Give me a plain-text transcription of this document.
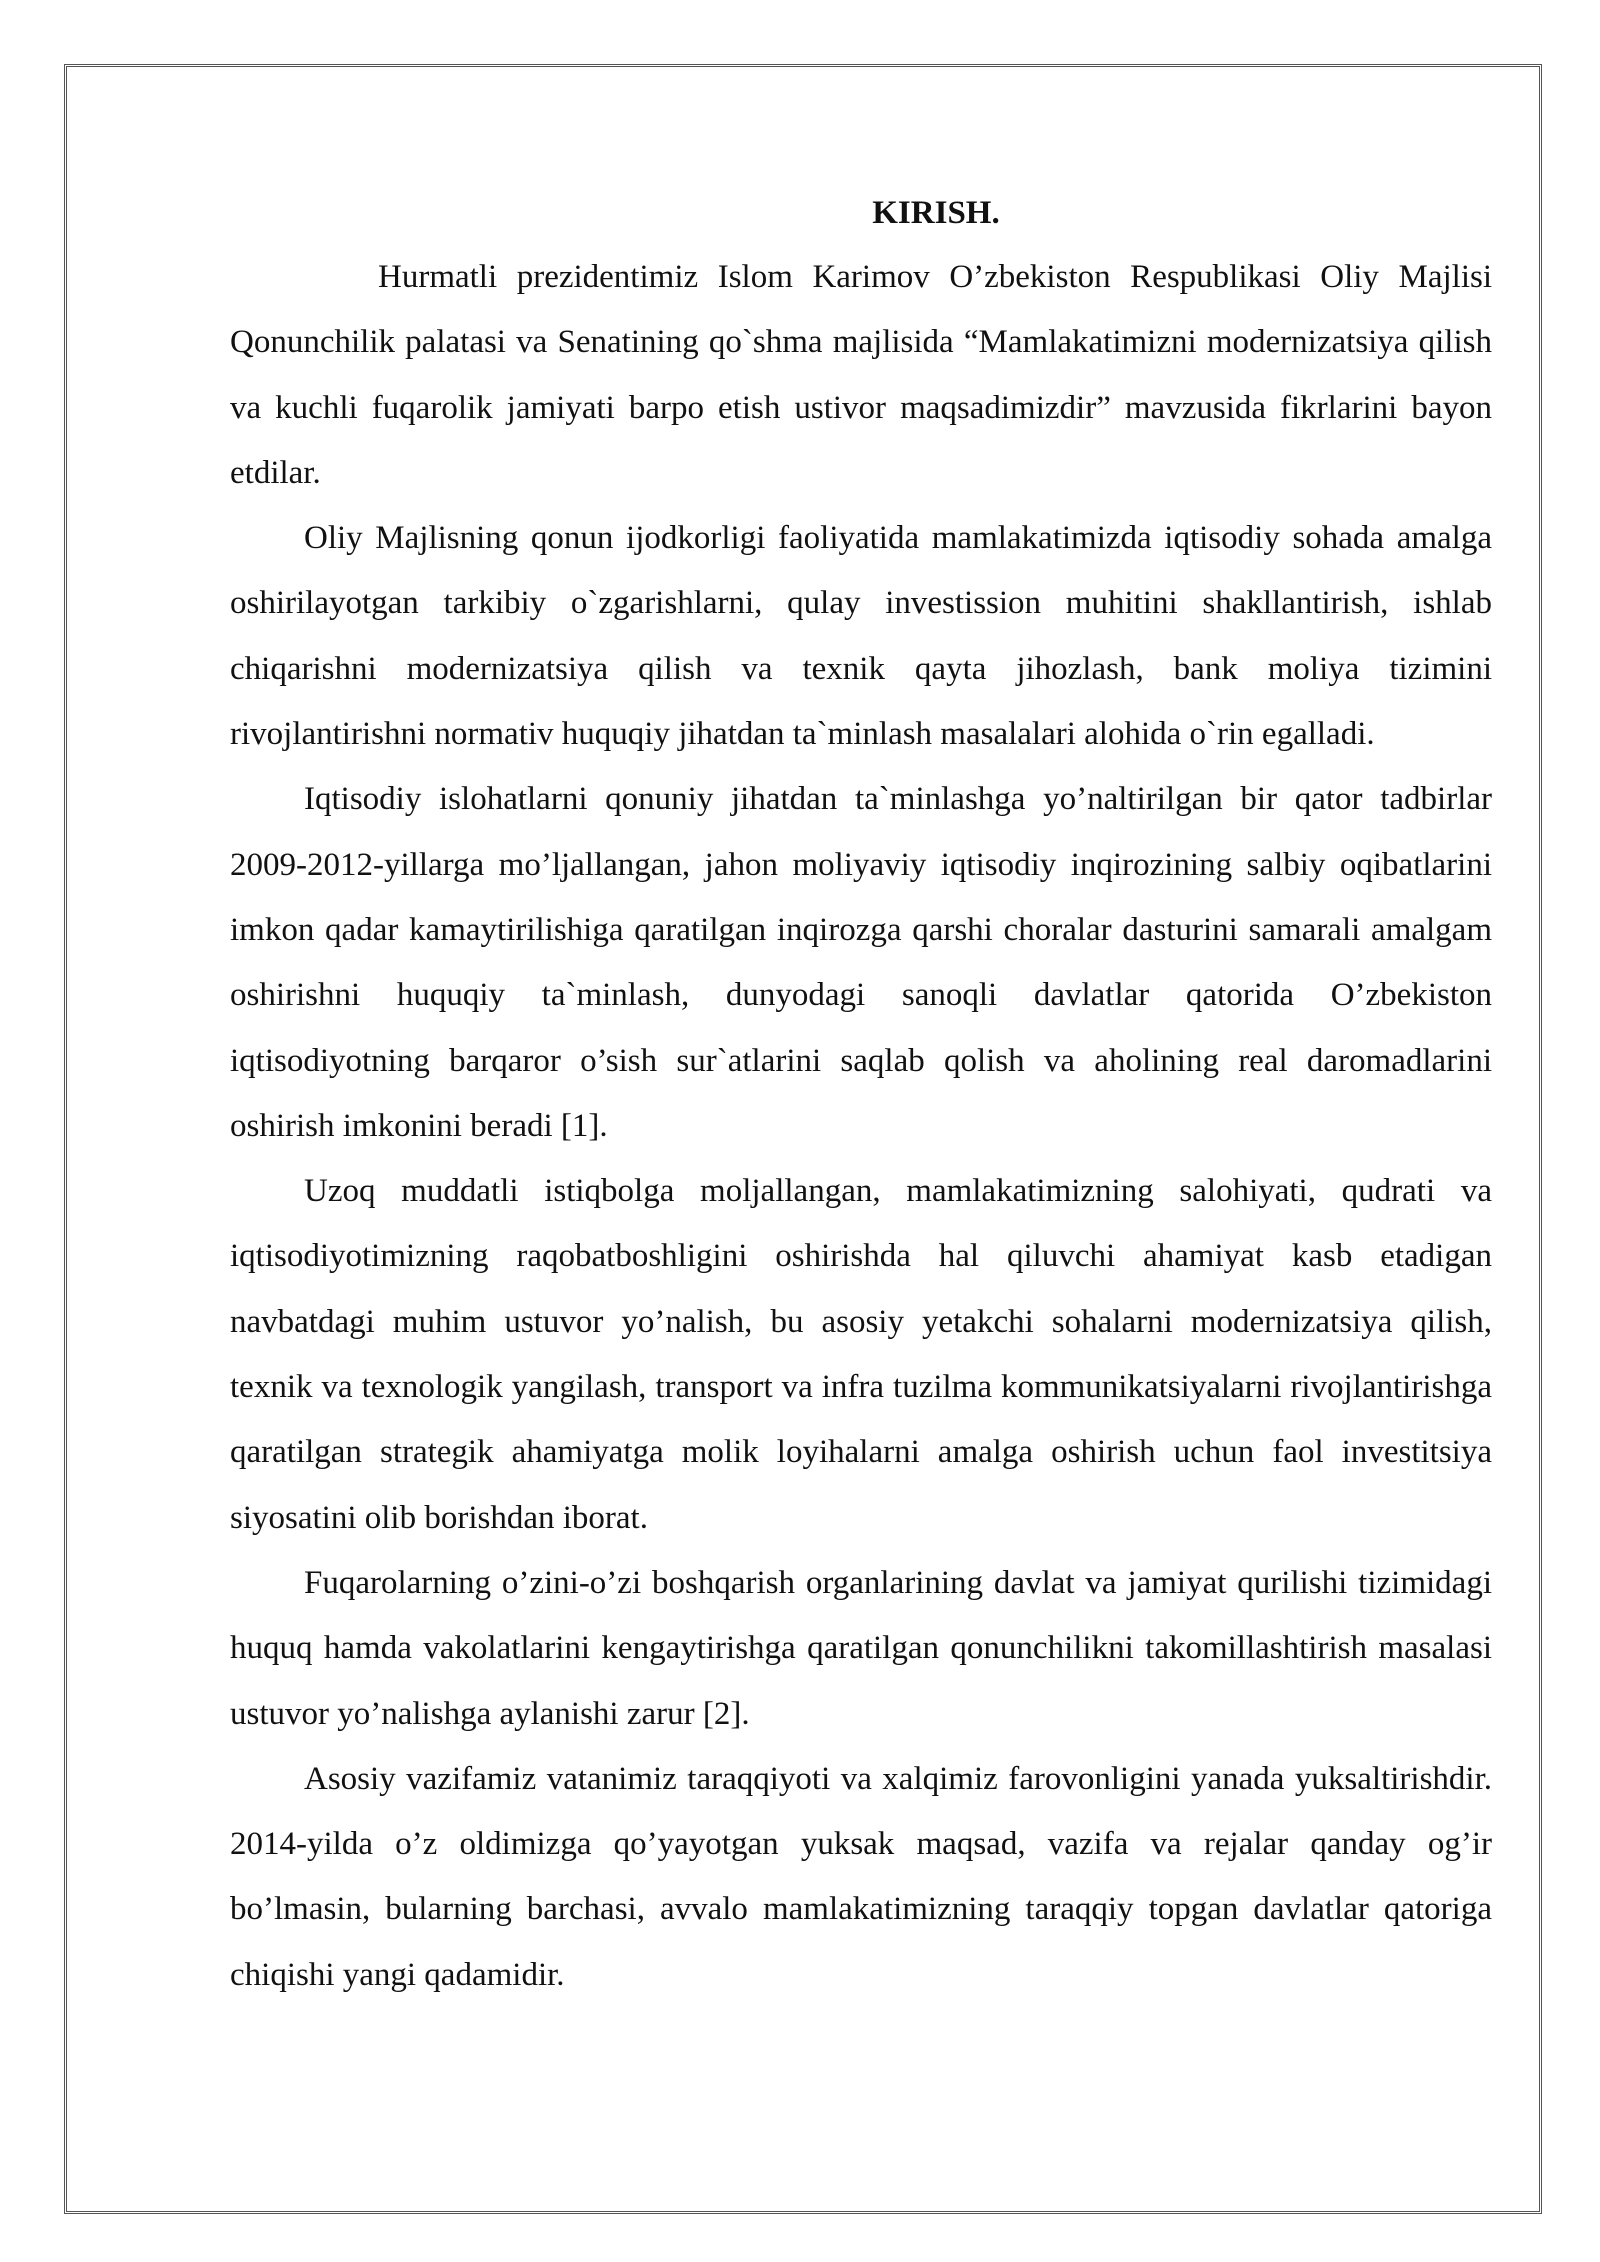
KIRISH.

Hurmatli prezidentimiz Islom Karimov O’zbekiston Respublikasi Oliy Majlisi Qonunchilik palatasi va Senatining qo`shma majlisida “Mamlakatimizni modernizatsiya qilish va kuchli fuqarolik jamiyati barpo etish ustivor maqsadimizdir” mavzusida fikrlarini bayon etdilar.

Oliy Majlisning qonun ijodkorligi faoliyatida mamlakatimizda iqtisodiy sohada amalga oshirilayotgan tarkibiy o`zgarishlarni, qulay investission muhitini shakllantirish, ishlab chiqarishni modernizatsiya qilish va texnik qayta jihozlash, bank moliya tizimini rivojlantirishni normativ huquqiy jihatdan ta`minlash masalalari alohida o`rin egalladi.

Iqtisodiy islohatlarni qonuniy jihatdan ta`minlashga yo’naltirilgan bir qator tadbirlar 2009-2012-yillarga mo’ljallangan, jahon moliyaviy iqtisodiy inqirozining salbiy oqibatlarini imkon qadar kamaytirilishiga qaratilgan inqirozga qarshi choralar dasturini samarali amalgam oshirishni huquqiy ta`minlash, dunyodagi sanoqli davlatlar qatorida O’zbekiston iqtisodiyotning barqaror o’sish sur`atlarini saqlab qolish va aholining real daromadlarini oshirish imkonini beradi [1].

Uzoq muddatli istiqbolga moljallangan, mamlakatimizning salohiyati, qudrati va iqtisodiyotimizning raqobatboshligini oshirishda hal qiluvchi ahamiyat kasb etadigan navbatdagi muhim ustuvor yo’nalish, bu asosiy yetakchi sohalarni modernizatsiya qilish, texnik va texnologik yangilash, transport va infra tuzilma kommunikatsiyalarni rivojlantirishga qaratilgan strategik ahamiyatga molik loyihalarni amalga oshirish uchun faol investitsiya siyosatini olib borishdan iborat.

Fuqarolarning o’zini-o’zi boshqarish organlarining davlat va jamiyat qurilishi tizimidagi huquq hamda vakolatlarini kengaytirishga qaratilgan qonunchilikni takomillashtirish masalasi ustuvor yo’nalishga aylanishi zarur [2].

Asosiy vazifamiz vatanimiz taraqqiyoti va xalqimiz farovonligini yanada yuksaltirishdir. 2014-yilda o’z oldimizga qo’yayotgan yuksak maqsad, vazifa va rejalar qanday og’ir bo’lmasin, bularning barchasi, avvalo mamlakatimizning taraqqiy topgan davlatlar qatoriga chiqishi yangi qadamidir.
